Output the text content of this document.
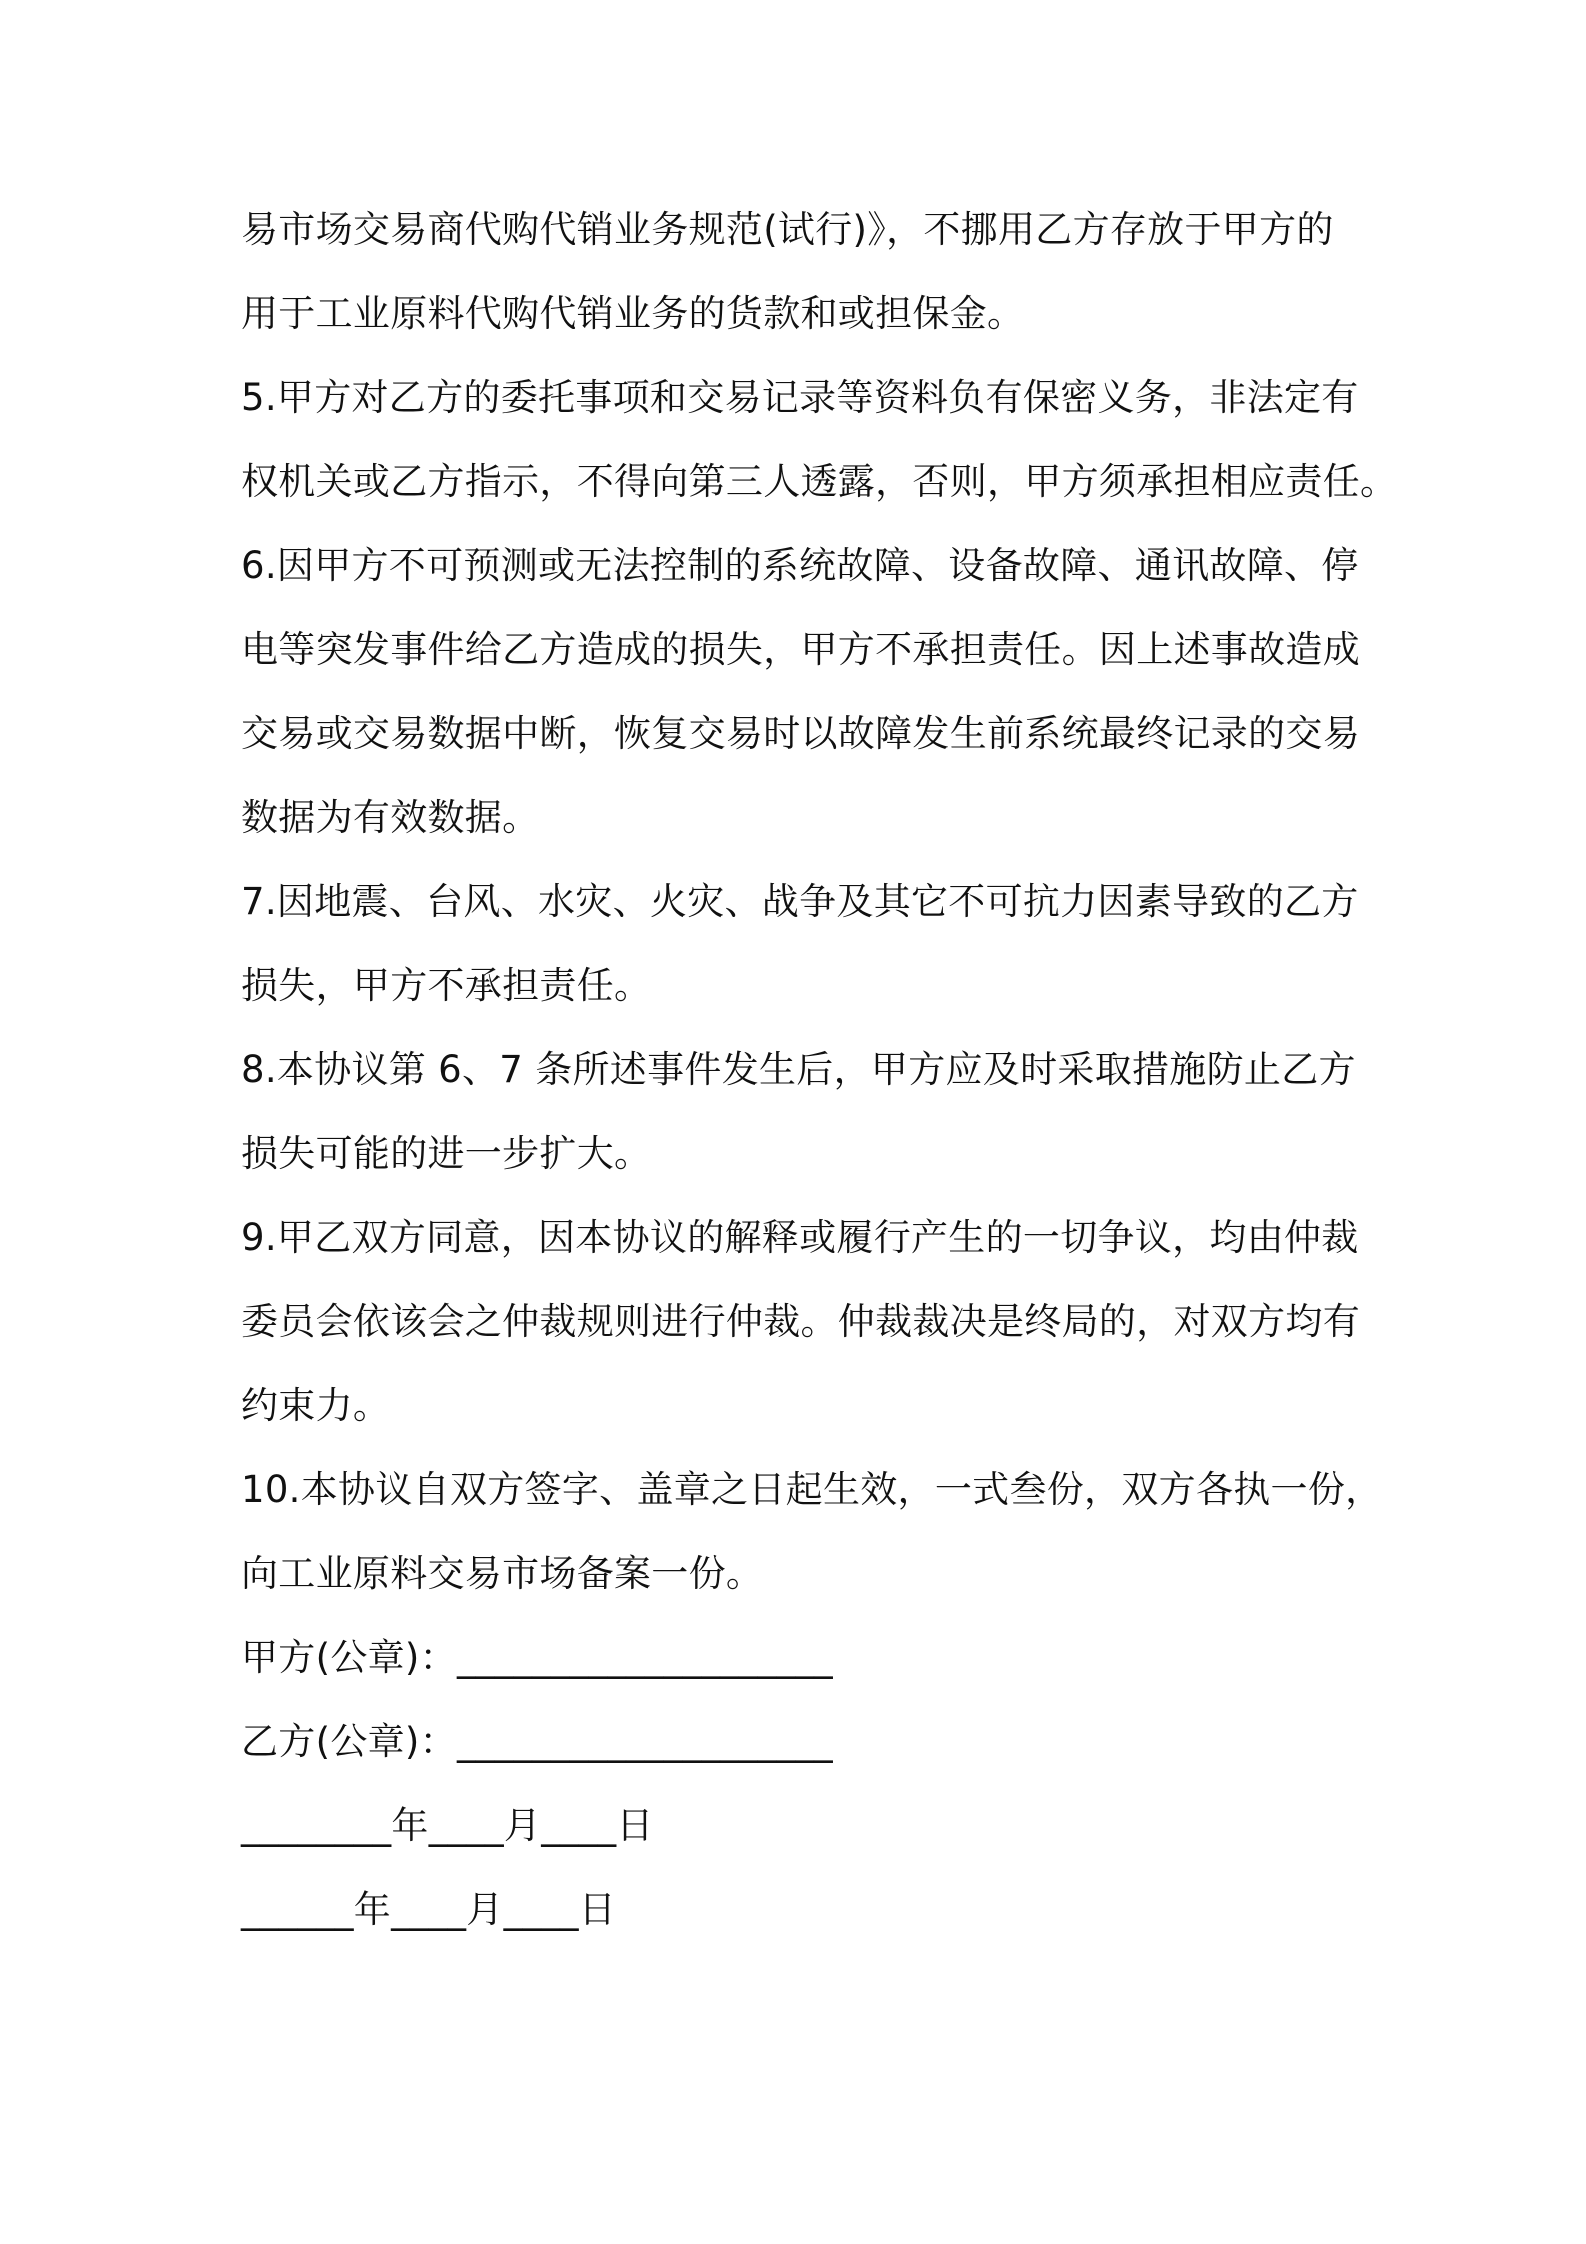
易市场交易商代购代销业务规范(试行)》，不挪用乙方存放于甲方的
用于工业原料代购代销业务的货款和或担保金。
5.甲方对乙方的委托事项和交易记录等资料负有保密义务，非法定有
权机关或乙方指示，不得向第三人透露，否则，甲方须承担相应责任。
6.因甲方不可预测或无法控制的系统故障、设备故障、通讯故障、停
电等突发事件给乙方造成的损失，甲方不承担责任。因上述事故造成
交易或交易数据中断，恢复交易时以故障发生前系统最终记录的交易
数据为有效数据。
7.因地震、台风、水灾、火灾、战争及其它不可抗力因素导致的乙方
损失，甲方不承担责任。
8.本协议第 6、7 条所述事件发生后，甲方应及时采取措施防止乙方
损失可能的进一步扩大。
9.甲乙双方同意，因本协议的解释或履行产生的一切争议，均由仲裁
委员会依该会之仲裁规则进行仲裁。仲裁裁决是终局的，对双方均有
约束力。
10.本协议自双方签字、盖章之日起生效，一式叁份，双方各执一份，
向工业原料交易市场备案一份。
甲方(公章)：____________________
乙方(公章)：____________________
________年____月____日
______年____月____日
